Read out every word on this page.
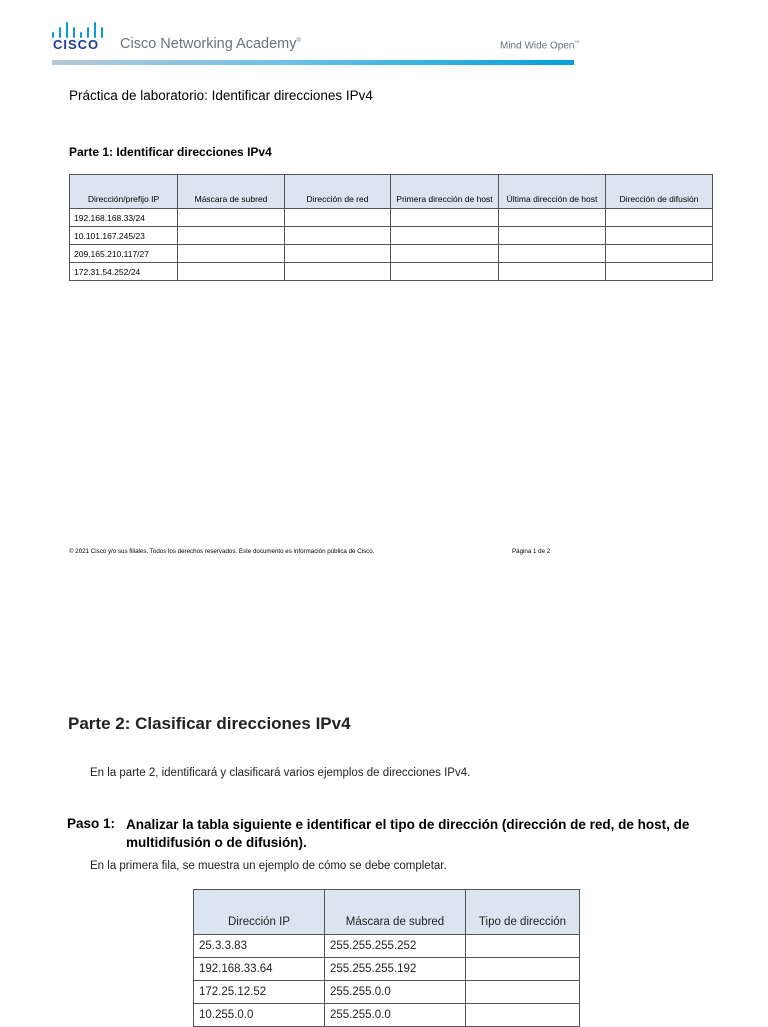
CISCO Cisco Networking Academy®	Mind Wide Open™
Práctica de laboratorio: Identificar direcciones IPv4
Parte 1: Identificar direcciones IPv4
Dirección/prefijo IP	Máscara de subred	Dirección de red	Primera dirección de host	Última dirección de host	Dirección de difusión
192.168.168.33/24					
10.101.167.245/23					
209.165.210.117/27					
172.31.54.252/24					
© 2021 Cisco y/o sus filiales. Todos los derechos reservados. Este documento es información pública de Cisco.	Página 1 de 2
Parte 2: Clasificar direcciones IPv4
En la parte 2, identificará y clasificará varios ejemplos de direcciones IPv4.
Paso 1: Analizar la tabla siguiente e identificar el tipo de dirección (dirección de red, de host, de multidifusión o de difusión).
En la primera fila, se muestra un ejemplo de cómo se debe completar.
Dirección IP	Máscara de subred	Tipo de dirección
25.3.3.83	255.255.255.252	
192.168.33.64	255.255.255.192	
172.25.12.52	255.255.0.0	
10.255.0.0	255.255.0.0	
